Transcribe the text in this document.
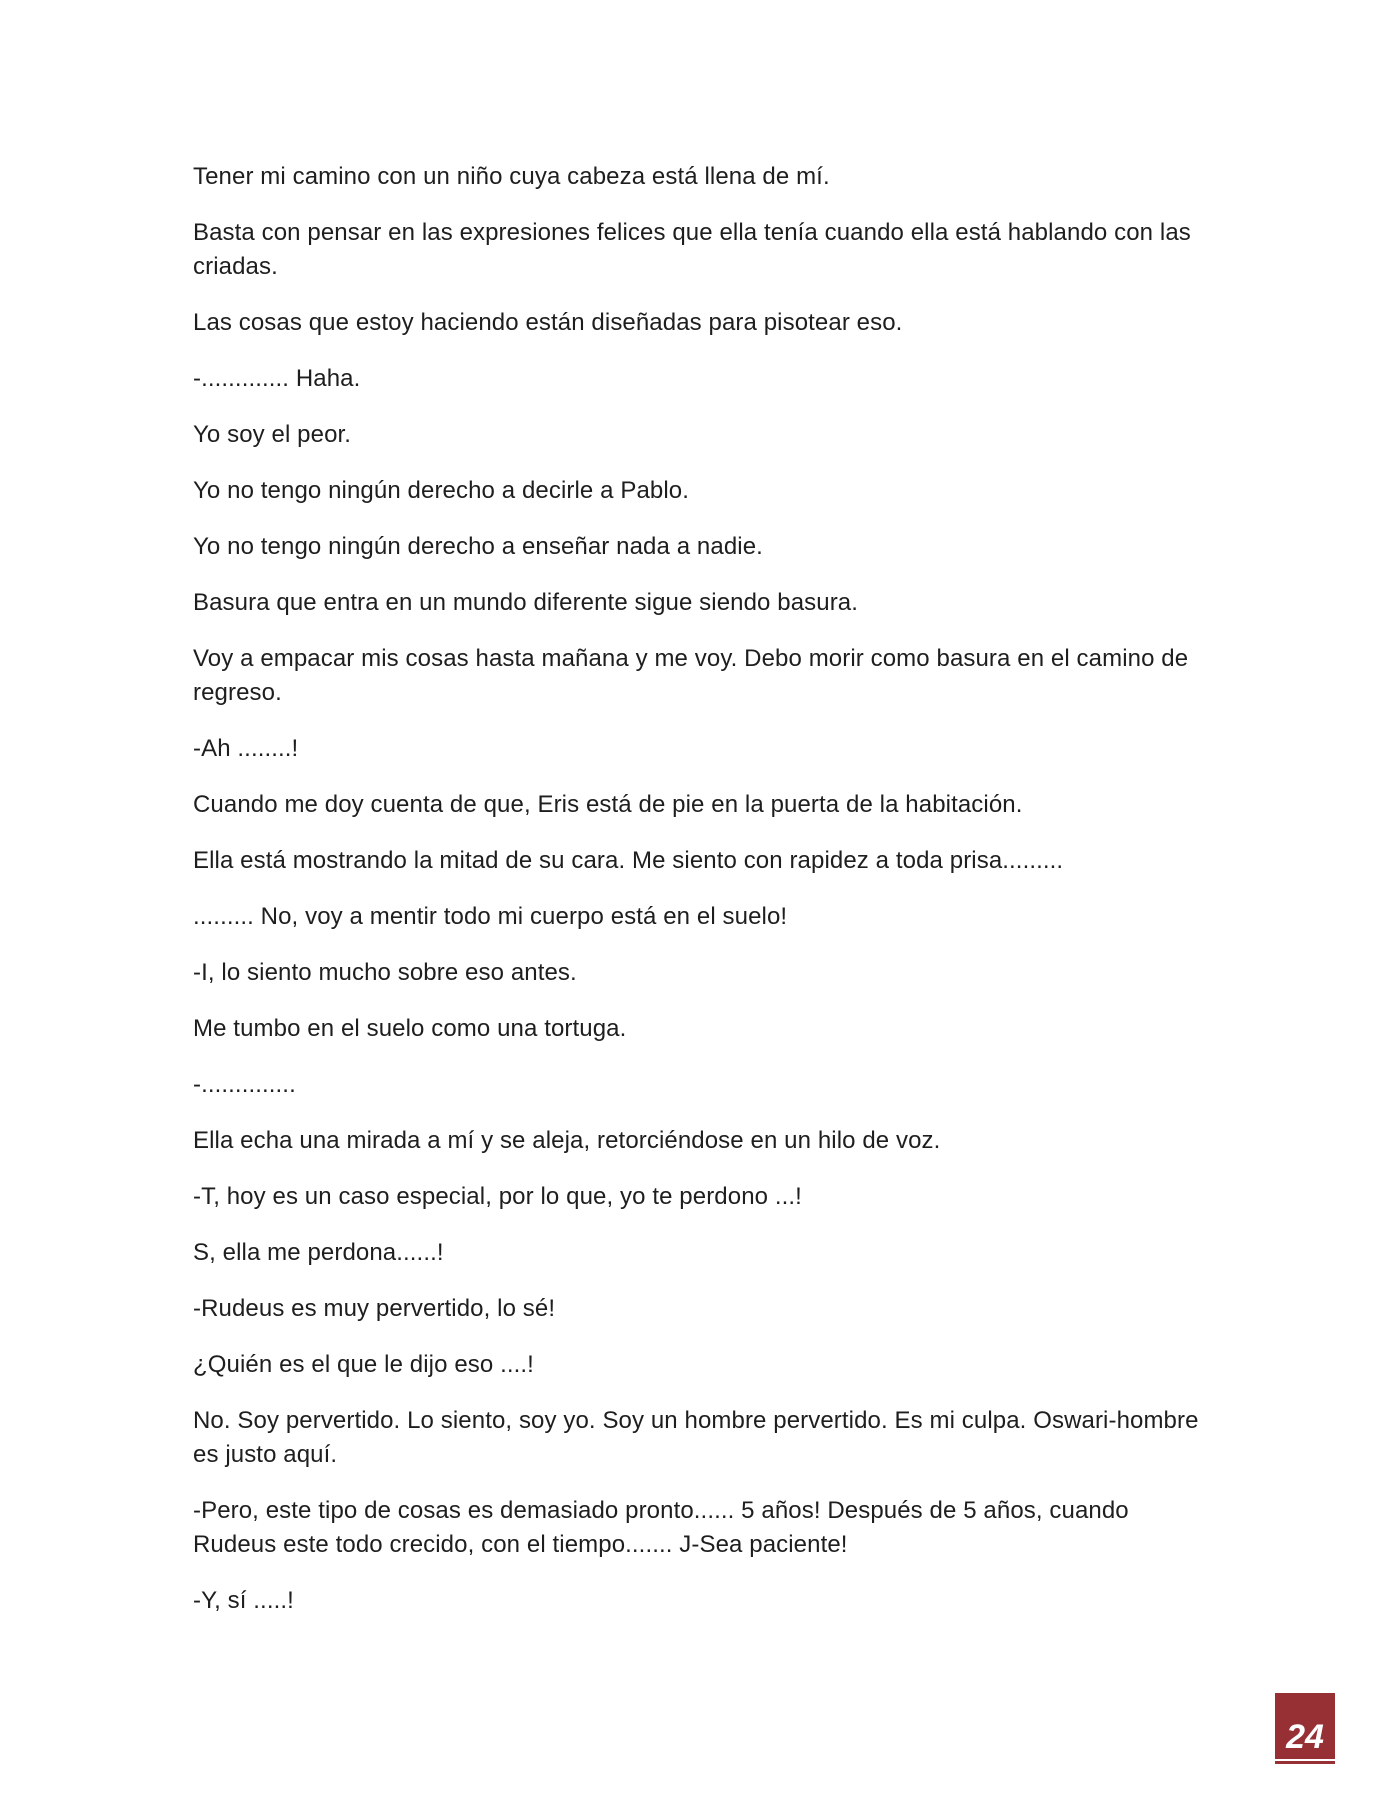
Tener mi camino con un niño cuya cabeza está llena de mí.

Basta con pensar en las expresiones felices que ella tenía cuando ella está hablando con las criadas.

Las cosas que estoy haciendo están diseñadas para pisotear eso.

-............. Haha.

Yo soy el peor.

Yo no tengo ningún derecho a decirle a Pablo.

Yo no tengo ningún derecho a enseñar nada a nadie.

Basura que entra en un mundo diferente sigue siendo basura.

Voy a empacar mis cosas hasta mañana y me voy. Debo morir como basura en el camino de regreso.

-Ah ........!

Cuando me doy cuenta de que, Eris está de pie en la puerta de la habitación.

Ella está mostrando la mitad de su cara. Me siento con rapidez a toda prisa.........

......... No, voy a mentir todo mi cuerpo está en el suelo!

-I, lo siento mucho sobre eso antes.

Me tumbo en el suelo como una tortuga.

-..............

Ella echa una mirada a mí y se aleja, retorciéndose en un hilo de voz.

-T, hoy es un caso especial, por lo que, yo te perdono ...!

S, ella me perdona......!

-Rudeus es muy pervertido, lo sé!

¿Quién es el que le dijo eso ....!

No. Soy pervertido. Lo siento, soy yo. Soy un hombre pervertido. Es mi culpa. Oswari-hombre es justo aquí.

-Pero, este tipo de cosas es demasiado pronto...... 5 años! Después de 5 años, cuando Rudeus este todo crecido, con el tiempo....... J-Sea paciente!

-Y, sí .....!

24
